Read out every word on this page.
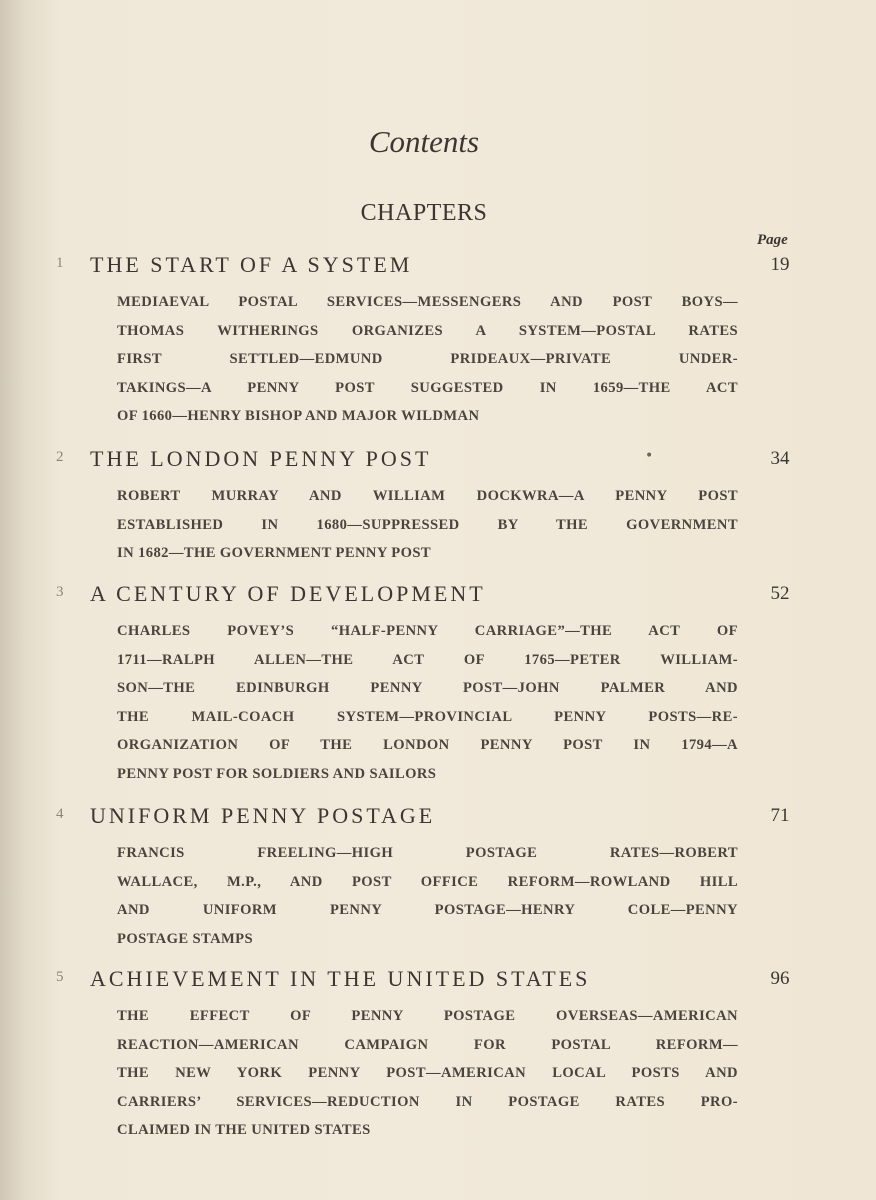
Contents
CHAPTERS
Page
1 THE START OF A SYSTEM	19
MEDIAEVAL POSTAL SERVICES—MESSENGERS AND POST BOYS—
THOMAS WITHERINGS ORGANIZES A SYSTEM—POSTAL RATES
FIRST SETTLED—EDMUND PRIDEAUX—PRIVATE UNDER-
TAKINGS—A PENNY POST SUGGESTED IN 1659—THE ACT
OF 1660—HENRY BISHOP AND MAJOR WILDMAN
2 THE LONDON PENNY POST	34
ROBERT MURRAY AND WILLIAM DOCKWRA—A PENNY POST
ESTABLISHED IN 1680—SUPPRESSED BY THE GOVERNMENT
IN 1682—THE GOVERNMENT PENNY POST
3 A CENTURY OF DEVELOPMENT	52
CHARLES POVEY’S “HALF-PENNY CARRIAGE”—THE ACT OF
1711—RALPH ALLEN—THE ACT OF 1765—PETER WILLIAM-
SON—THE EDINBURGH PENNY POST—JOHN PALMER AND
THE MAIL-COACH SYSTEM—PROVINCIAL PENNY POSTS—RE-
ORGANIZATION OF THE LONDON PENNY POST IN 1794—A
PENNY POST FOR SOLDIERS AND SAILORS
4 UNIFORM PENNY POSTAGE	71
FRANCIS FREELING—HIGH POSTAGE RATES—ROBERT
WALLACE, M.P., AND POST OFFICE REFORM—ROWLAND HILL
AND UNIFORM PENNY POSTAGE—HENRY COLE—PENNY
POSTAGE STAMPS
5 ACHIEVEMENT IN THE UNITED STATES	96
THE EFFECT OF PENNY POSTAGE OVERSEAS—AMERICAN
REACTION—AMERICAN CAMPAIGN FOR POSTAL REFORM—
THE NEW YORK PENNY POST—AMERICAN LOCAL POSTS AND
CARRIERS’ SERVICES—REDUCTION IN POSTAGE RATES PRO-
CLAIMED IN THE UNITED STATES
•
